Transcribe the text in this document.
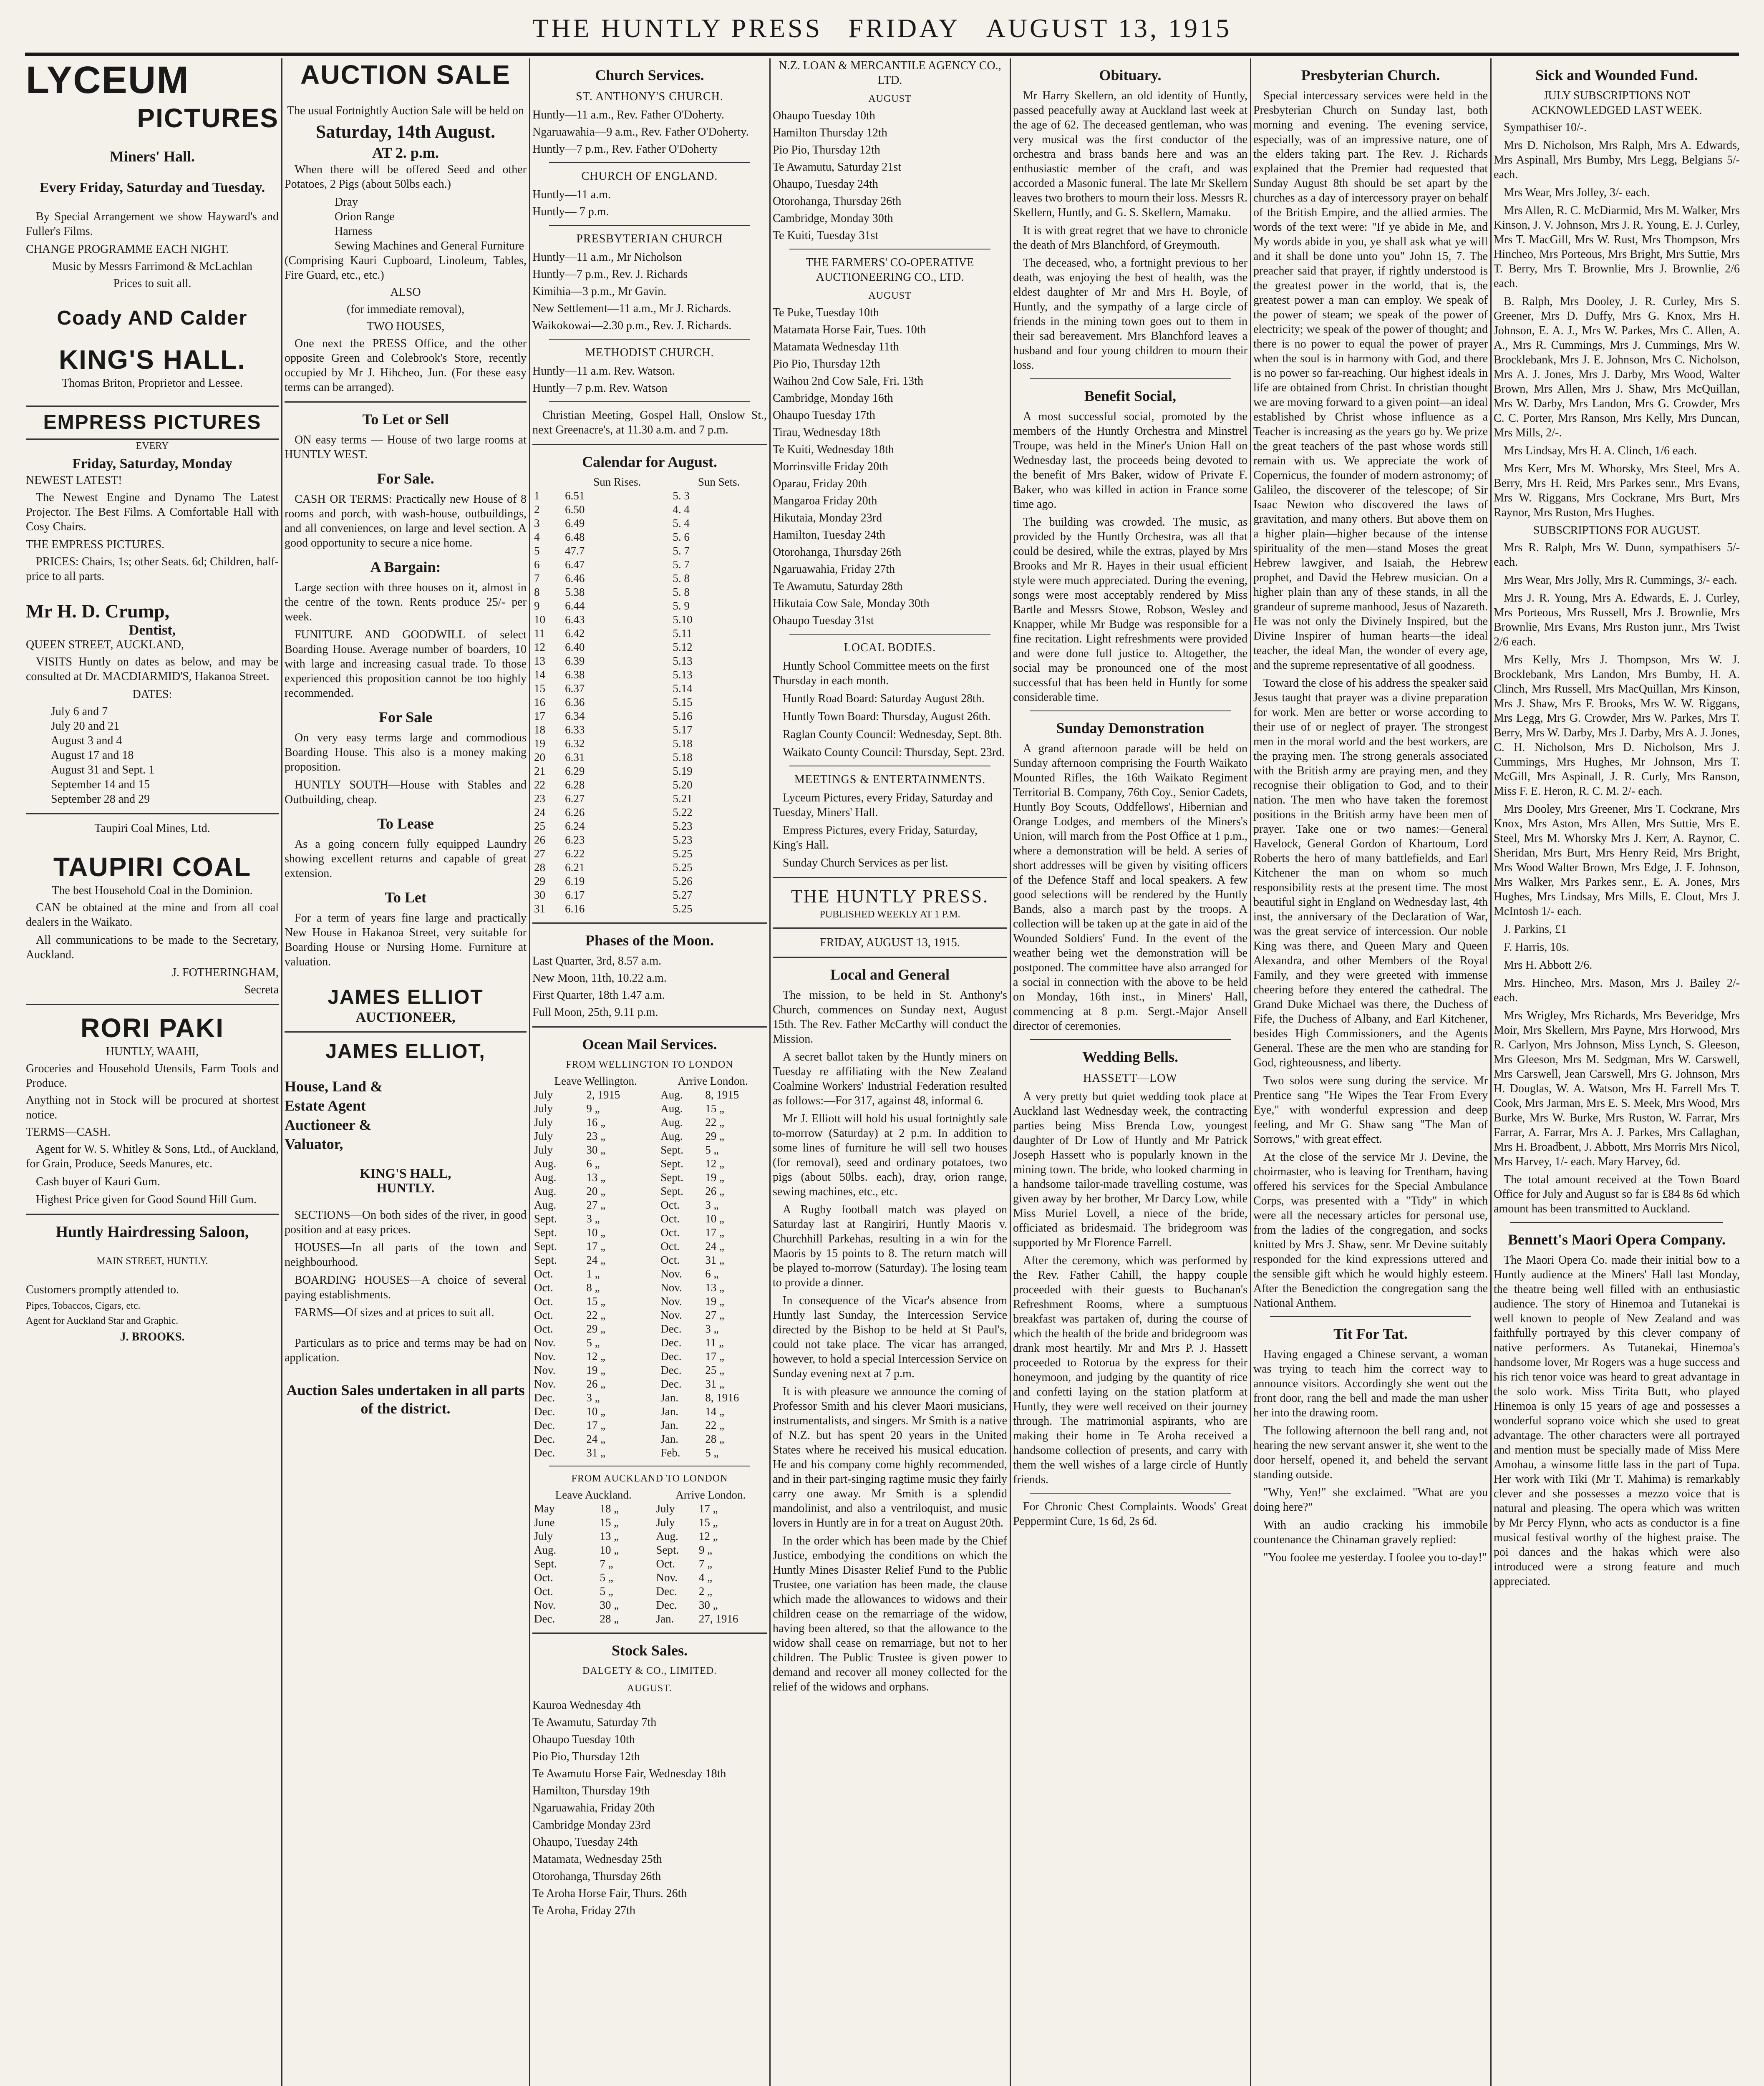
THE HUNTLY PRESS FRIDAY AUGUST 13, 1915
LYCEUM
PICTURES
Miners' Hall.
Every Friday, Saturday and Tuesday.

By Special Arrangement we show Hayward's and Fuller's Films.

CHANGE PROGRAMME EACH NIGHT.

Music by Messrs Farrimond & McLachlan

Prices to suit all.

Coady AND Calder
KING'S HALL.

Thomas Briton, Proprietor and Lessee.

EMPRESS PICTURES

EVERY

Friday, Saturday, Monday

NEWEST LATEST!

The Newest Engine and Dynamo The Latest Projector. The Best Films. A Comfortable Hall with Cosy Chairs.

THE EMPRESS PICTURES.

PRICES: Chairs, 1s; other Seats. 6d; Children, half-price to all parts.

Mr H. D. Crump,
Dentist,

QUEEN STREET, AUCKLAND,

VISITS Huntly on dates as below, and may be consulted at Dr. MACDIARMID'S, Hakanoa Street.

DATES:

July 6 and 7
July 20 and 21
August 3 and 4
August 17 and 18
August 31 and Sept. 1
September 14 and 15
September 28 and 29

Taupiri Coal Mines, Ltd.

TAUPIRI COAL

The best Household Coal in the Dominion.

CAN be obtained at the mine and from all coal dealers in the Waikato.

All communications to be made to the Secretary, Auckland.

J. FOTHERINGHAM,

Secreta

RORI PAKI

HUNTLY, WAAHI,

Groceries and Household Utensils, Farm Tools and Produce.

Anything not in Stock will be procured at shortest notice.

TERMS—CASH.

Agent for W. S. Whitley & Sons, Ltd., of Auckland, for Grain, Produce, Seeds Manures, etc.

Cash buyer of Kauri Gum.

Highest Price given for Good Sound Hill Gum.

Huntly Hairdressing Saloon,

MAIN STREET, HUNTLY.

Customers promptly attended to.

Pipes, Tobaccos, Cigars, etc.

Agent for Auckland Star and Graphic.

J. BROOKS.

AUCTION SALE

The usual Fortnightly Auction Sale will be held on

Saturday, 14th August.
AT 2. p.m.

When there will be offered Seed and other Potatoes, 2 Pigs (about 50lbs each.)

Dray
Orion Range
Harness
Sewing Machines and General Furniture

(Comprising Kauri Cupboard, Linoleum, Tables, Fire Guard, etc., etc.)

ALSO

(for immediate removal),

TWO HOUSES,

One next the PRESS Office, and the other opposite Green and Colebrook's Store, recently occupied by Mr J. Hihcheo, Jun. (For these easy terms can be arranged).

To Let or Sell

ON easy terms — House of two large rooms at HUNTLY WEST.

For Sale.

CASH OR TERMS: Practically new House of 8 rooms and porch, with wash-house, outbuildings, and all conveniences, on large and level section. A good opportunity to secure a nice home.

A Bargain:

Large section with three houses on it, almost in the centre of the town. Rents produce 25/- per week.

FUNITURE AND GOODWILL of select Boarding House. Average number of boarders, 10 with large and increasing casual trade. To those experienced this proposition cannot be too highly recommended.

For Sale

On very easy terms large and commodious Boarding House. This also is a money making proposition.

HUNTLY SOUTH—House with Stables and Outbuilding, cheap.

To Lease

As a going concern fully equipped Laundry showing excellent returns and capable of great extension.

To Let

For a term of years fine large and practically New House in Hakanoa Street, very suitable for Boarding House or Nursing Home. Furniture at valuation.

JAMES ELLIOT
AUCTIONEER,
JAMES ELLIOT,
House, Land &
Estate Agent
Auctioneer &
Valuator,
KING'S HALL,
HUNTLY.

SECTIONS—On both sides of the river, in good position and at easy prices.

HOUSES—In all parts of the town and neighbourhood.

BOARDING HOUSES—A choice of several paying establishments.

FARMS—Of sizes and at prices to suit all.

Particulars as to price and terms may be had on application.

Auction Sales undertaken in all parts of the district.
Church Services.
ST. ANTHONY'S CHURCH.

Huntly—11 a.m., Rev. Father O'Doherty.

Ngaruawahia—9 a.m., Rev. Father O'Doherty.

Huntly—7 p.m., Rev. Father O'Doherty

CHURCH OF ENGLAND.

Huntly—11 a.m.

Huntly— 7 p.m.

PRESBYTERIAN CHURCH

Huntly—11 a.m., Mr Nicholson

Huntly—7 p.m., Rev. J. Richards

Kimihia—3 p.m., Mr Gavin.

New Settlement—11 a.m., Mr J. Richards.

Waikokowai—2.30 p.m., Rev. J. Richards.

METHODIST CHURCH.

Huntly—11 a.m. Rev. Watson.

Huntly—7 p.m. Rev. Watson

Christian Meeting, Gospel Hall, Onslow St., next Greenacre's, at 11.30 a.m. and 7 p.m.

Calendar for August.
	Sun Rises.	Sun Sets.
1	6.51	5. 3
2	6.50	4. 4
3	6.49	5. 4
4	6.48	5. 6
5	47.7	5. 7
6	6.47	5. 7
7	6.46	5. 8
8	5.38	5. 8
9	6.44	5. 9
10	6.43	5.10
11	6.42	5.11
12	6.40	5.12
13	6.39	5.13
14	6.38	5.13
15	6.37	5.14
16	6.36	5.15
17	6.34	5.16
18	6.33	5.17
19	6.32	5.18
20	6.31	5.18
21	6.29	5.19
22	6.28	5.20
23	6.27	5.21
24	6.26	5.22
25	6.24	5.23
26	6.23	5.23
27	6.22	5.25
28	6.21	5.25
29	6.19	5.26
30	6.17	5.27
31	6.16	5.25
Phases of the Moon.

Last Quarter, 3rd, 8.57 a.m.

New Moon, 11th, 10.22 a.m.

First Quarter, 18th 1.47 a.m.

Full Moon, 25th, 9.11 p.m.

Ocean Mail Services.
FROM WELLINGTON TO LONDON
Leave Wellington.		Arrive London.	
July	2, 1915	Aug.	8, 1915
July	9 „	Aug.	15 „
July	16 „	Aug.	22 „
July	23 „	Aug.	29 „
July	30 „	Sept.	5 „
Aug.	6 „	Sept.	12 „
Aug.	13 „	Sept.	19 „
Aug.	20 „	Sept.	26 „
Aug.	27 „	Oct.	3 „
Sept.	3 „	Oct.	10 „
Sept.	10 „	Oct.	17 „
Sept.	17 „	Oct.	24 „
Sept.	24 „	Oct.	31 „
Oct.	1 „	Nov.	6 „
Oct.	8 „	Nov.	13 „
Oct.	15 „	Nov.	19 „
Oct.	22 „	Nov.	27 „
Oct.	29 „	Dec.	3 „
Nov.	5 „	Dec.	11 „
Nov.	12 „	Dec.	17 „
Nov.	19 „	Dec.	25 „
Nov.	26 „	Dec.	31 „
Dec.	3 „	Jan.	8, 1916
Dec.	10 „	Jan.	14 „
Dec.	17 „	Jan.	22 „
Dec.	24 „	Jan.	28 „
Dec.	31 „	Feb.	5 „
FROM AUCKLAND TO LONDON
Leave Auckland.		Arrive London.	
May	18 „	July	17 „
June	15 „	July	15 „
July	13 „	Aug.	12 „
Aug.	10 „	Sept.	9 „
Sept.	7 „	Oct.	7 „
Oct.	5 „	Nov.	4 „
Oct.	5 „	Dec.	2 „
Nov.	30 „	Dec.	30 „
Dec.	28 „	Jan.	27, 1916
Stock Sales.
DALGETY & CO., LIMITED.
AUGUST.

Kauroa Wednesday 4th

Te Awamutu, Saturday 7th

Ohaupo Tuesday 10th

Pio Pio, Thursday 12th

Te Awamutu Horse Fair, Wednesday 18th

Hamilton, Thursday 19th

Ngaruawahia, Friday 20th

Cambridge Monday 23rd

Ohaupo, Tuesday 24th

Matamata, Wednesday 25th

Otorohanga, Thursday 26th

Te Aroha Horse Fair, Thurs. 26th

Te Aroha, Friday 27th

N.Z. LOAN & MERCANTILE AGENCY CO., LTD.

AUGUST

Ohaupo Tuesday 10th

Hamilton Thursday 12th

Pio Pio, Thursday 12th

Te Awamutu, Saturday 21st

Ohaupo, Tuesday 24th

Otorohanga, Thursday 26th

Cambridge, Monday 30th

Te Kuiti, Tuesday 31st

THE FARMERS' CO-OPERATIVE AUCTIONEERING CO., LTD.

AUGUST

Te Puke, Tuesday 10th

Matamata Horse Fair, Tues. 10th

Matamata Wednesday 11th

Pio Pio, Thursday 12th

Waihou 2nd Cow Sale, Fri. 13th

Cambridge, Monday 16th

Ohaupo Tuesday 17th

Tirau, Wednesday 18th

Te Kuiti, Wednesday 18th

Morrinsville Friday 20th

Oparau, Friday 20th

Mangaroa Friday 20th

Hikutaia, Monday 23rd

Hamilton, Tuesday 24th

Otorohanga, Thursday 26th

Ngaruawahia, Friday 27th

Te Awamutu, Saturday 28th

Hikutaia Cow Sale, Monday 30th

Ohaupo Tuesday 31st

LOCAL BODIES.

Huntly School Committee meets on the first Thursday in each month.

Huntly Road Board: Saturday August 28th.

Huntly Town Board: Thursday, August 26th.

Raglan County Council: Wednesday, Sept. 8th.

Waikato County Council: Thursday, Sept. 23rd.

MEETINGS & ENTERTAINMENTS.

Lyceum Pictures, every Friday, Saturday and Tuesday, Miners' Hall.

Empress Pictures, every Friday, Saturday, King's Hall.

Sunday Church Services as per list.

THE HUNTLY PRESS.
PUBLISHED WEEKLY AT 1 P.M.
FRIDAY, AUGUST 13, 1915.
Local and General

The mission, to be held in St. Anthony's Church, commences on Sunday next, August 15th. The Rev. Father McCarthy will conduct the Mission.

A secret ballot taken by the Huntly miners on Tuesday re affiliating with the New Zealand Coalmine Workers' Industrial Federation resulted as follows:—For 317, against 48, informal 6.

Mr J. Elliott will hold his usual fortnightly sale to-morrow (Saturday) at 2 p.m. In addition to some lines of furniture he will sell two houses (for removal), seed and ordinary potatoes, two pigs (about 50lbs. each), dray, orion range, sewing machines, etc., etc.

A Rugby football match was played on Saturday last at Rangiriri, Huntly Maoris v. Churchhill Parkehas, resulting in a win for the Maoris by 15 points to 8. The return match will be played to-morrow (Saturday). The losing team to provide a dinner.

In consequence of the Vicar's absence from Huntly last Sunday, the Intercession Service directed by the Bishop to be held at St Paul's, could not take place. The vicar has arranged, however, to hold a special Intercession Service on Sunday evening next at 7 p.m.

It is with pleasure we announce the coming of Professor Smith and his clever Maori musicians, instrumentalists, and singers. Mr Smith is a native of N.Z. but has spent 20 years in the United States where he received his musical education. He and his company come highly recommended, and in their part-singing ragtime music they fairly carry one away. Mr Smith is a splendid mandolinist, and also a ventriloquist, and music lovers in Huntly are in for a treat on August 20th.

In the order which has been made by the Chief Justice, embodying the conditions on which the Huntly Mines Disaster Relief Fund to the Public Trustee, one variation has been made, the clause which made the allowances to widows and their children cease on the remarriage of the widow, having been altered, so that the allowance to the widow shall cease on remarriage, but not to her children. The Public Trustee is given power to demand and recover all money collected for the relief of the widows and orphans.

Obituary.

Mr Harry Skellern, an old identity of Huntly, passed peacefully away at Auckland last week at the age of 62. The deceased gentleman, who was very musical was the first conductor of the orchestra and brass bands here and was an enthusiastic member of the craft, and was accorded a Masonic funeral. The late Mr Skellern leaves two brothers to mourn their loss. Messrs R. Skellern, Huntly, and G. S. Skellern, Mamaku.

It is with great regret that we have to chronicle the death of Mrs Blanchford, of Greymouth.

The deceased, who, a fortnight previous to her death, was enjoying the best of health, was the eldest daughter of Mr and Mrs H. Boyle, of Huntly, and the sympathy of a large circle of friends in the mining town goes out to them in their sad bereavement. Mrs Blanchford leaves a husband and four young children to mourn their loss.

Benefit Social,

A most successful social, promoted by the members of the Huntly Orchestra and Minstrel Troupe, was held in the Miner's Union Hall on Wednesday last, the proceeds being devoted to the benefit of Mrs Baker, widow of Private F. Baker, who was killed in action in France some time ago.

The building was crowded. The music, as provided by the Huntly Orchestra, was all that could be desired, while the extras, played by Mrs Brooks and Mr R. Hayes in their usual efficient style were much appreciated. During the evening, songs were most acceptably rendered by Miss Bartle and Messrs Stowe, Robson, Wesley and Knapper, while Mr Budge was responsible for a fine recitation. Light refreshments were provided and were done full justice to. Altogether, the social may be pronounced one of the most successful that has been held in Huntly for some considerable time.

Sunday Demonstration

A grand afternoon parade will be held on Sunday afternoon comprising the Fourth Waikato Mounted Rifles, the 16th Waikato Regiment Territorial B. Company, 76th Coy., Senior Cadets, Huntly Boy Scouts, Oddfellows', Hibernian and Orange Lodges, and members of the Miners's Union, will march from the Post Office at 1 p.m., where a demonstration will be held. A series of short addresses will be given by visiting officers of the Defence Staff and local speakers. A few good selections will be rendered by the Huntly Bands, also a march past by the troops. A collection will be taken up at the gate in aid of the Wounded Soldiers' Fund. In the event of the weather being wet the demonstration will be postponed. The committee have also arranged for a social in connection with the above to be held on Monday, 16th inst., in Miners' Hall, commencing at 8 p.m. Sergt.-Major Ansell director of ceremonies.

Wedding Bells.
HASSETT—LOW

A very pretty but quiet wedding took place at Auckland last Wednesday week, the contracting parties being Miss Brenda Low, youngest daughter of Dr Low of Huntly and Mr Patrick Joseph Hassett who is popularly known in the mining town. The bride, who looked charming in a handsome tailor-made travelling costume, was given away by her brother, Mr Darcy Low, while Miss Muriel Lovell, a niece of the bride, officiated as bridesmaid. The bridegroom was supported by Mr Florence Farrell.

After the ceremony, which was performed by the Rev. Father Cahill, the happy couple proceeded with their guests to Buchanan's Refreshment Rooms, where a sumptuous breakfast was partaken of, during the course of which the health of the bride and bridegroom was drank most heartily. Mr and Mrs P. J. Hassett proceeded to Rotorua by the express for their honeymoon, and judging by the quantity of rice and confetti laying on the station platform at Huntly, they were well received on their journey through. The matrimonial aspirants, who are making their home in Te Aroha received a handsome collection of presents, and carry with them the well wishes of a large circle of Huntly friends.

For Chronic Chest Complaints. Woods' Great Peppermint Cure, 1s 6d, 2s 6d.

Presbyterian Church.

Special intercessary services were held in the Presbyterian Church on Sunday last, both morning and evening. The evening service, especially, was of an impressive nature, one of the elders taking part. The Rev. J. Richards explained that the Premier had requested that Sunday August 8th should be set apart by the churches as a day of intercessory prayer on behalf of the British Empire, and the allied armies. The words of the text were: "If ye abide in Me, and My words abide in you, ye shall ask what ye will and it shall be done unto you" John 15, 7. The preacher said that prayer, if rightly understood is the greatest power in the world, that is, the greatest power a man can employ. We speak of the power of steam; we speak of the power of electricity; we speak of the power of thought; and there is no power to equal the power of prayer when the soul is in harmony with God, and there is no power so far-reaching. Our highest ideals in life are obtained from Christ. In christian thought we are moving forward to a given point—an ideal established by Christ whose influence as a Teacher is increasing as the years go by. We prize the great teachers of the past whose words still remain with us. We appreciate the work of Copernicus, the founder of modern astronomy; of Galileo, the discoverer of the telescope; of Sir Isaac Newton who discovered the laws of gravitation, and many others. But above them on a higher plain—higher because of the intense spirituality of the men—stand Moses the great Hebrew lawgiver, and Isaiah, the Hebrew prophet, and David the Hebrew musician. On a higher plain than any of these stands, in all the grandeur of supreme manhood, Jesus of Nazareth. He was not only the Divinely Inspired, but the Divine Inspirer of human hearts—the ideal teacher, the ideal Man, the wonder of every age, and the supreme representative of all goodness.

Toward the close of his address the speaker said Jesus taught that prayer was a divine preparation for work. Men are better or worse according to their use of or neglect of prayer. The strongest men in the moral world and the best workers, are the praying men. The strong generals associated with the British army are praying men, and they recognise their obligation to God, and to their nation. The men who have taken the foremost positions in the British army have been men of prayer. Take one or two names:—General Havelock, General Gordon of Khartoum, Lord Roberts the hero of many battlefields, and Earl Kitchener the man on whom so much responsibility rests at the present time. The most beautiful sight in England on Wednesday last, 4th inst, the anniversary of the Declaration of War, was the great service of intercession. Our noble King was there, and Queen Mary and Queen Alexandra, and other Members of the Royal Family, and they were greeted with immense cheering before they entered the cathedral. The Grand Duke Michael was there, the Duchess of Fife, the Duchess of Albany, and Earl Kitchener, besides High Commissioners, and the Agents General. These are the men who are standing for God, righteousness, and liberty.

Two solos were sung during the service. Mr Prentice sang "He Wipes the Tear From Every Eye," with wonderful expression and deep feeling, and Mr G. Shaw sang "The Man of Sorrows," with great effect.

At the close of the service Mr J. Devine, the choirmaster, who is leaving for Trentham, having offered his services for the Special Ambulance Corps, was presented with a "Tidy" in which were all the necessary articles for personal use, from the ladies of the congregation, and socks knitted by Mrs J. Shaw, senr. Mr Devine suitably responded for the kind expressions uttered and the sensible gift which he would highly esteem. After the Benediction the congregation sang the National Anthem.

Tit For Tat.

Having engaged a Chinese servant, a woman was trying to teach him the correct way to announce visitors. Accordingly she went out the front door, rang the bell and made the man usher her into the drawing room.

The following afternoon the bell rang and, not hearing the new servant answer it, she went to the door herself, opened it, and beheld the servant standing outside.

"Why, Yen!" she exclaimed. "What are you doing here?"

With an audio cracking his immobile countenance the Chinaman gravely replied:

"You foolee me yesterday. I foolee you to-day!"

Sick and Wounded Fund.

JULY SUBSCRIPTIONS NOT ACKNOWLEDGED LAST WEEK.

Sympathiser 10/-.

Mrs D. Nicholson, Mrs Ralph, Mrs A. Edwards, Mrs Aspinall, Mrs Bumby, Mrs Legg, Belgians 5/- each.

Mrs Wear, Mrs Jolley, 3/- each.

Mrs Allen, R. C. McDiarmid, Mrs M. Walker, Mrs Kinson, J. V. Johnson, Mrs J. R. Young, E. J. Curley, Mrs T. MacGill, Mrs W. Rust, Mrs Thompson, Mrs Hincheo, Mrs Porteous, Mrs Bright, Mrs Suttie, Mrs T. Berry, Mrs T. Brownlie, Mrs J. Brownlie, 2/6 each.

B. Ralph, Mrs Dooley, J. R. Curley, Mrs S. Greener, Mrs D. Duffy, Mrs G. Knox, Mrs H. Johnson, E. A. J., Mrs W. Parkes, Mrs C. Allen, A. A., Mrs R. Cummings, Mrs J. Cummings, Mrs W. Brocklebank, Mrs J. E. Johnson, Mrs C. Nicholson, Mrs A. J. Jones, Mrs J. Darby, Mrs Wood, Walter Brown, Mrs Allen, Mrs J. Shaw, Mrs McQuillan, Mrs W. Darby, Mrs Landon, Mrs G. Crowder, Mrs C. C. Porter, Mrs Ranson, Mrs Kelly, Mrs Duncan, Mrs Mills, 2/-.

Mrs Lindsay, Mrs H. A. Clinch, 1/6 each.

Mrs Kerr, Mrs M. Whorsky, Mrs Steel, Mrs A. Berry, Mrs H. Reid, Mrs Parkes senr., Mrs Evans, Mrs W. Riggans, Mrs Cockrane, Mrs Burt, Mrs Raynor, Mrs Ruston, Mrs Hughes.

SUBSCRIPTIONS FOR AUGUST.

Mrs R. Ralph, Mrs W. Dunn, sympathisers 5/- each.

Mrs Wear, Mrs Jolly, Mrs R. Cummings, 3/- each.

Mrs J. R. Young, Mrs A. Edwards, E. J. Curley, Mrs Porteous, Mrs Russell, Mrs J. Brownlie, Mrs Brownlie, Mrs Evans, Mrs Ruston junr., Mrs Twist 2/6 each.

Mrs Kelly, Mrs J. Thompson, Mrs W. J. Brocklebank, Mrs Landon, Mrs Bumby, H. A. Clinch, Mrs Russell, Mrs MacQuillan, Mrs Kinson, Mrs J. Shaw, Mrs F. Brooks, Mrs W. W. Riggans, Mrs Legg, Mrs G. Crowder, Mrs W. Parkes, Mrs T. Berry, Mrs W. Darby, Mrs J. Darby, Mrs A. J. Jones, C. H. Nicholson, Mrs D. Nicholson, Mrs J. Cummings, Mrs Hughes, Mr Johnson, Mrs T. McGill, Mrs Aspinall, J. R. Curly, Mrs Ranson, Miss F. E. Heron, R. C. M. 2/- each.

Mrs Dooley, Mrs Greener, Mrs T. Cockrane, Mrs Knox, Mrs Aston, Mrs Allen, Mrs Suttie, Mrs E. Steel, Mrs M. Whorsky Mrs J. Kerr, A. Raynor, C. Sheridan, Mrs Burt, Mrs Henry Reid, Mrs Bright, Mrs Wood Walter Brown, Mrs Edge, J. F. Johnson, Mrs Walker, Mrs Parkes senr., E. A. Jones, Mrs Hughes, Mrs Lindsay, Mrs Mills, E. Clout, Mrs J. McIntosh 1/- each.

J. Parkins, £1

F. Harris, 10s.

Mrs H. Abbott 2/6.

Mrs. Hincheo, Mrs. Mason, Mrs J. Bailey 2/- each.

Mrs Wrigley, Mrs Richards, Mrs Beveridge, Mrs Moir, Mrs Skellern, Mrs Payne, Mrs Horwood, Mrs R. Carlyon, Mrs Johnson, Miss Lynch, S. Gleeson, Mrs Gleeson, Mrs M. Sedgman, Mrs W. Carswell, Mrs Carswell, Jean Carswell, Mrs G. Johnson, Mrs H. Douglas, W. A. Watson, Mrs H. Farrell Mrs T. Cook, Mrs Jarman, Mrs E. S. Meek, Mrs Wood, Mrs Burke, Mrs W. Burke, Mrs Ruston, W. Farrar, Mrs Farrar, A. Farrar, Mrs A. J. Parkes, Mrs Callaghan, Mrs H. Broadbent, J. Abbott, Mrs Morris Mrs Nicol, Mrs Harvey, 1/- each. Mary Harvey, 6d.

The total amount received at the Town Board Office for July and August so far is £84 8s 6d which amount has been transmitted to Auckland.

Bennett's Maori Opera Company.

The Maori Opera Co. made their initial bow to a Huntly audience at the Miners' Hall last Monday, the theatre being well filled with an enthusiastic audience. The story of Hinemoa and Tutanekai is well known to people of New Zealand and was faithfully portrayed by this clever company of native performers. As Tutanekai, Hinemoa's handsome lover, Mr Rogers was a huge success and his rich tenor voice was heard to great advantage in the solo work. Miss Tirita Butt, who played Hinemoa is only 15 years of age and possesses a wonderful soprano voice which she used to great advantage. The other characters were all portrayed and mention must be specially made of Miss Mere Amohau, a winsome little lass in the part of Tupa. Her work with Tiki (Mr T. Mahima) is remarkably clever and she possesses a mezzo voice that is natural and pleasing. The opera which was written by Mr Percy Flynn, who acts as conductor is a fine musical festival worthy of the highest praise. The poi dances and the hakas which were also introduced were a strong feature and much appreciated.
